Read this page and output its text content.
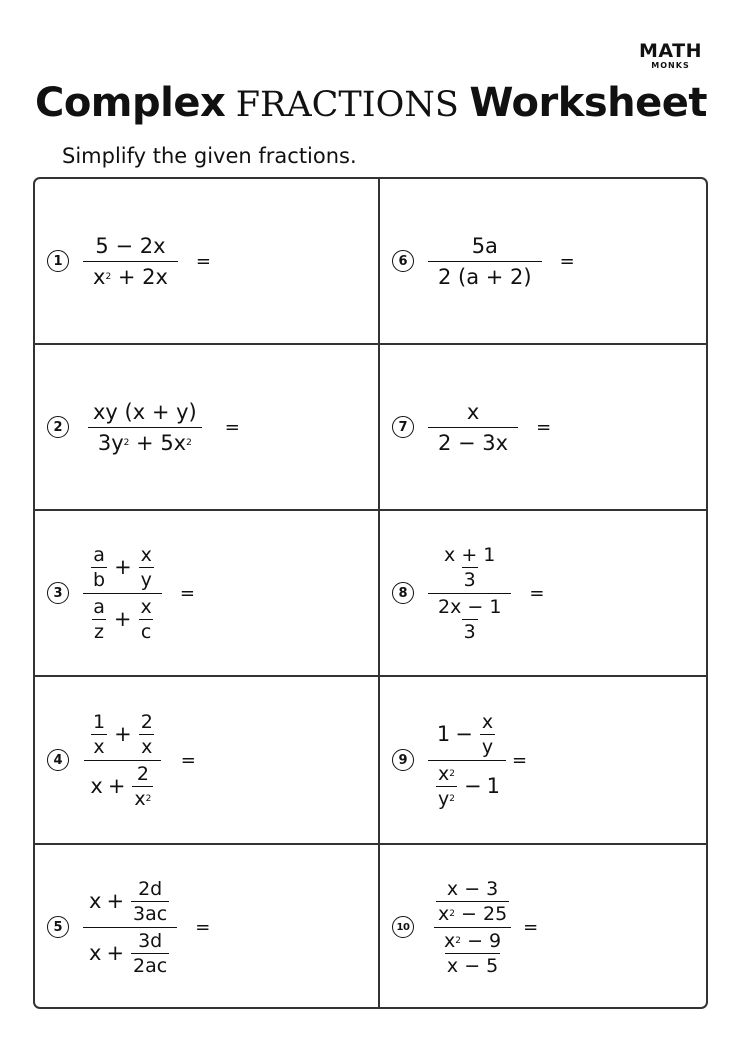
MATH
MONKS
Complex FRACTIONS Worksheet
Simplify the given fractions.
$1 \frac{5 - 2x}{x 2 + 2x}$ =
$2 \frac{xy (x + y)}{3y 2 + 5x 2}$ =
3	$\frac{\frac{a}{b} + \frac{x}{y}}{\frac{a}{z} + \frac{x}{c}}$ =
4	$\frac{\frac{1}{x} + \frac{2}{x}}{x + \frac{2}{x 2}}$ =
$5 \frac{x + \frac{2d}{3ac}}{x + \frac{3d}{2ac}}$ =
$6 \frac{5a}{2 (a + 2)}$ =
$7 \frac{x}{2 - 3x}$ =
8	$\frac{\frac{x + 1}{3}}{\frac{2x - 1}{3}}$ =
$9 \frac{1 - \frac{x}{y}}{\frac{x 2}{y 2} - 1}$ =
$10 \frac{\frac{x - 3}{x 2 - 25}}{\frac{x 2 - 9}{x - 5}}$ =
